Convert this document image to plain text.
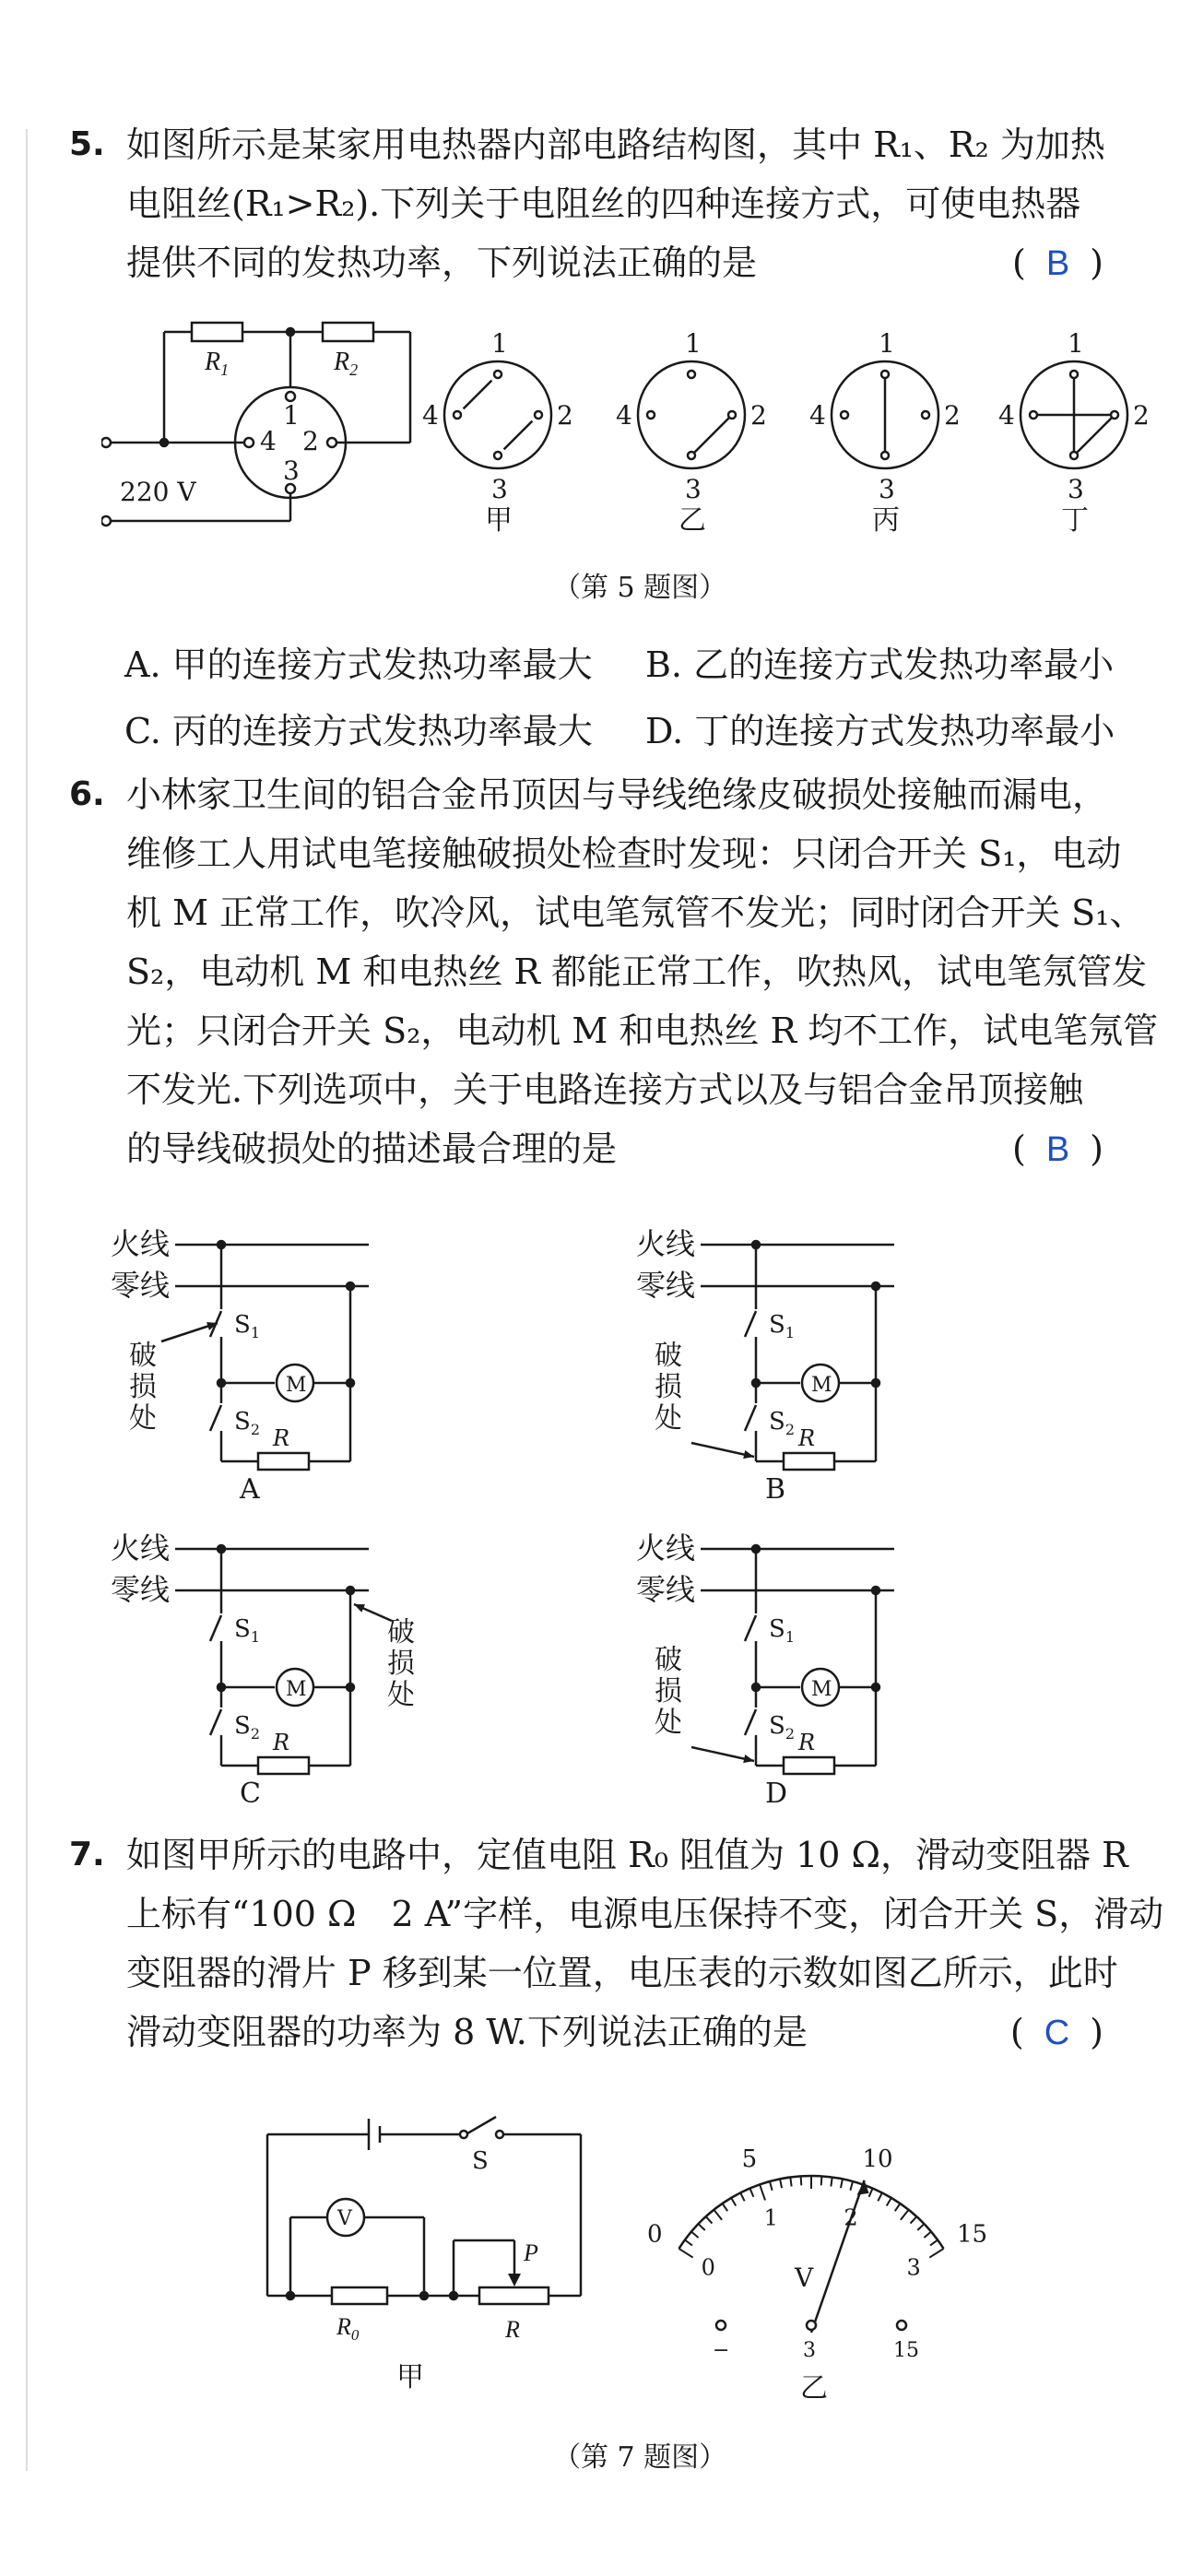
5. 如图所示是某家用电热器内部电路结构图，其中 R₁、R₂ 为加热
电阻丝(R₁>R₂).下列关于电阻丝的四种连接方式，可使电热器
提供不同的发热功率，下列说法正确的是	( B )
$R_1$	$R_2$
1
2
3
4
220 V
1
2
3
4
甲
1
2
3
4
乙
1
2
3
4
丙
1
2
3
4
丁
（第 5 题图）
A. 甲的连接方式发热功率最大 B. 乙的连接方式发热功率最小
C. 丙的连接方式发热功率最大 D. 丁的连接方式发热功率最小
6. 小林家卫生间的铝合金吊顶因与导线绝缘皮破损处接触而漏电，
维修工人用试电笔接触破损处检查时发现：只闭合开关 S₁，电动
机 M 正常工作，吹冷风，试电笔氖管不发光；同时闭合开关 S₁、
S₂，电动机 M 和电热丝 R 都能正常工作，吹热风，试电笔氖管发
光；只闭合开关 S₂，电动机 M 和电热丝 R 均不工作，试电笔氖管
不发光.下列选项中，关于电路连接方式以及与铝合金吊顶接触
的导线破损处的描述最合理的是	( B )
火线
零线
$S_1$
M
$S_2$ R
破
损
处
A
火线
零线
$S_1$
M
$S_2$ R
破
损
处
B
火线
零线
$S_1$
M
$S_2$ R
破
损
处
C
火线
零线
$S_1$
M
$S_2$ R
破
损
处
D
7. 如图甲所示的电路中，定值电阻 R₀ 阻值为 10 Ω，滑动变阻器 R
上标有“100 Ω　2 A”字样，电源电压保持不变，闭合开关 S，滑动
变阻器的滑片 P 移到某一位置，电压表的示数如图乙所示，此时
滑动变阻器的功率为 8 W.下列说法正确的是	( C )
S
V
P
$R_0$	R
甲
0
5	10
15
0
1	2
3
V
−	3	15
乙
（第 7 题图）
